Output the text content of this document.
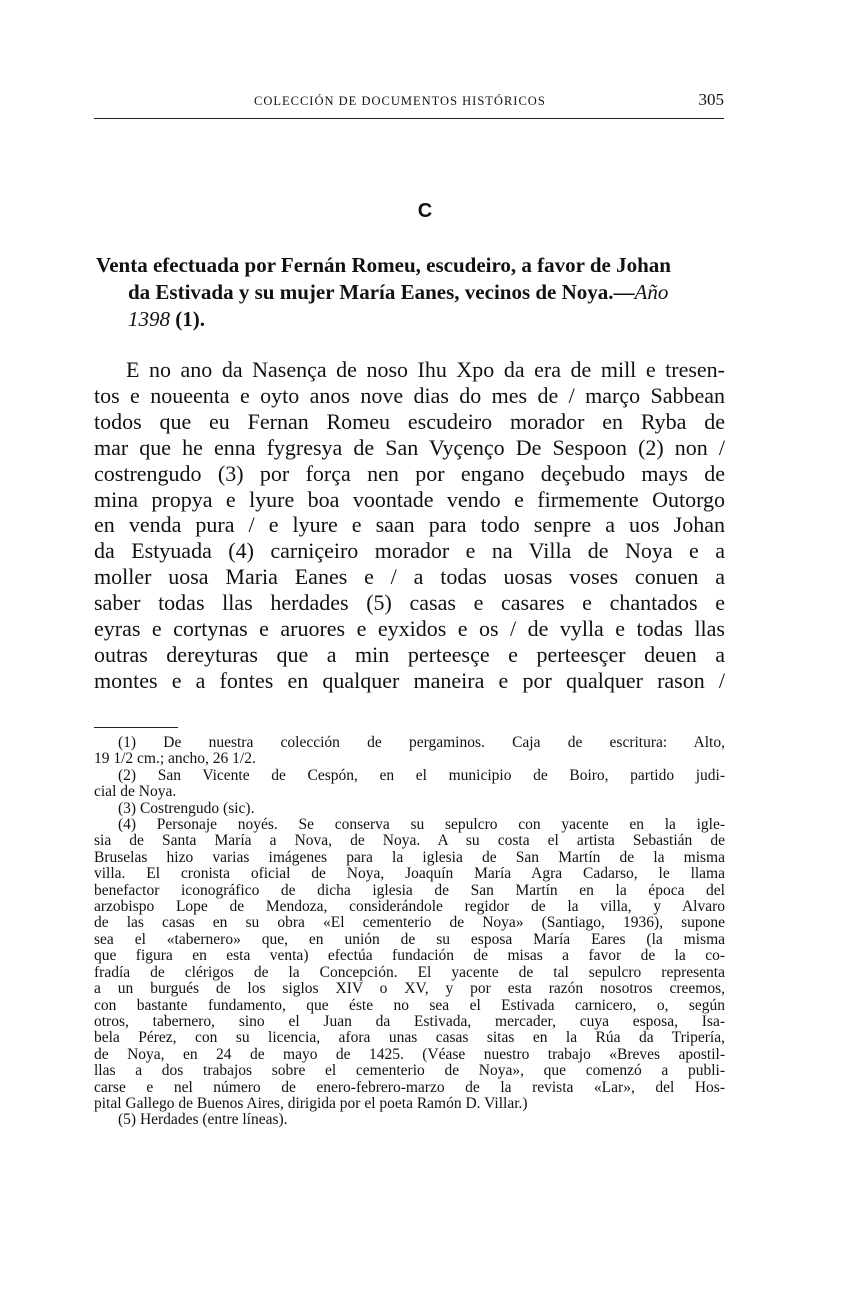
COLECCIÓN DE DOCUMENTOS HISTÓRICOS	305
C
Venta efectuada por Fernán Romeu, escudeiro, a favor de Johan
da Estivada y su mujer María Eanes, vecinos de Noya.—Año
1398 (1).
E no ano da Nasença de noso Ihu Xpo da era de mill e tresen-
tos e noueenta e oyto anos nove dias do mes de / março Sabbean
todos que eu Fernan Romeu escudeiro morador en Ryba de
mar que he enna fygresya de San Vyçenço De Sespoon (2) non /
costrengudo (3) por força nen por engano deçebudo mays de
mina propya e lyure boa voontade vendo e firmemente Outorgo
en venda pura / e lyure e saan para todo senpre a uos Johan
da Estyuada (4) carniçeiro morador e na Villa de Noya e a
moller uosa Maria Eanes e / a todas uosas voses conuen a
saber todas llas herdades (5) casas e casares e chantados e
eyras e cortynas e aruores e eyxidos e os / de vylla e todas llas
outras dereyturas que a min perteesçe e perteesçer deuen a
montes e a fontes en qualquer maneira e por qualquer rason /
(1) De nuestra colección de pergaminos. Caja de escritura: Alto,
19 1/2 cm.; ancho, 26 1/2.
(2) San Vicente de Cespón, en el municipio de Boiro, partido judi-
cial de Noya.
(3) Costrengudo (sic).
(4) Personaje noyés. Se conserva su sepulcro con yacente en la igle-
sia de Santa María a Nova, de Noya. A su costa el artista Sebastián de
Bruselas hizo varias imágenes para la iglesia de San Martín de la misma
villa. El cronista oficial de Noya, Joaquín María Agra Cadarso, le llama
benefactor iconográfico de dicha iglesia de San Martín en la época del
arzobispo Lope de Mendoza, considerándole regidor de la villa, y Alvaro
de las casas en su obra «El cementerio de Noya» (Santiago, 1936), supone
sea el «tabernero» que, en unión de su esposa María Eares (la misma
que figura en esta venta) efectúa fundación de misas a favor de la co-
fradía de clérigos de la Concepción. El yacente de tal sepulcro representa
a un burgués de los siglos XIV o XV, y por esta razón nosotros creemos,
con bastante fundamento, que éste no sea el Estivada carnicero, o, según
otros, tabernero, sino el Juan da Estivada, mercader, cuya esposa, Isa-
bela Pérez, con su licencia, afora unas casas sitas en la Rúa da Tripería,
de Noya, en 24 de mayo de 1425. (Véase nuestro trabajo «Breves apostil-
llas a dos trabajos sobre el cementerio de Noya», que comenzó a publi-
carse e nel número de enero-febrero-marzo de la revista «Lar», del Hos-
pital Gallego de Buenos Aires, dirigida por el poeta Ramón D. Villar.)
(5) Herdades (entre líneas).
